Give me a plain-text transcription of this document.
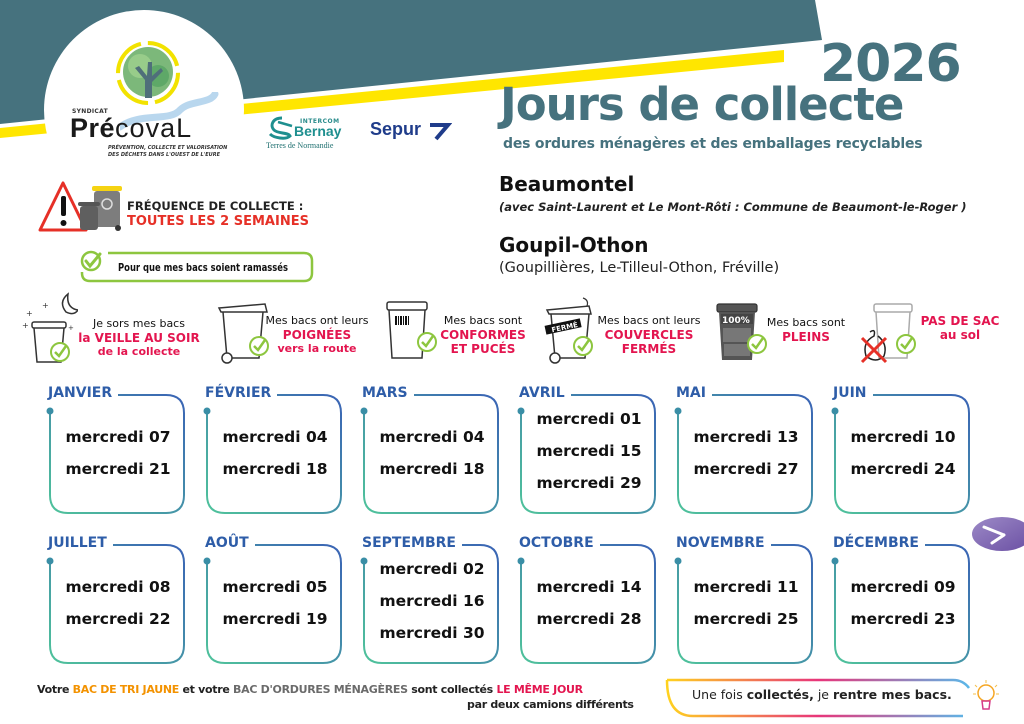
SYNDICAT
PrécovaL
PRÉVENTION, COLLECTE ET VALORISATION
DES DÉCHETS DANS L'OUEST DE L'EURE
INTERCOM
Bernay
Terres de Normandie
Sepur
2026
Jours de collecte
des ordures ménagères et des emballages recyclables
Beaumontel
(avec Saint-Laurent et Le Mont-Rôti : Commune de Beaumont-le-Roger )
Goupil-Othon
(Goupillières, Le-Tilleul-Othon, Fréville)
FRÉQUENCE DE COLLECTE :
TOUTES LES 2 SEMAINES
Pour que mes bacs soient ramassés
+
+
+	+	Je sors mes bacs
la VEILLE AU SOIR
de la collecte
Mes bacs ont leurs
POIGNÉES
vers la route
Mes bacs sont
CONFORMES
ET PUCÉS
FERMÉ
Mes bacs ont leurs
COUVERCLES
FERMÉS
100%	Mes bacs sont
PLEINS
PAS DE SAC
au sol
JANVIER
mercredi 07
mercredi 21
FÉVRIER
mercredi 04
mercredi 18
MARS
mercredi 04
mercredi 18
AVRIL
mercredi 01
mercredi 15
mercredi 29
MAI
mercredi 13
mercredi 27
JUIN
mercredi 10
mercredi 24
JUILLET
mercredi 08
mercredi 22
AOÛT
mercredi 05
mercredi 19
SEPTEMBRE
mercredi 02
mercredi 16
mercredi 30
OCTOBRE
mercredi 14
mercredi 28
NOVEMBRE
mercredi 11
mercredi 25
DÉCEMBRE
mercredi 09
mercredi 23
Votre BAC DE TRI JAUNE et votre BAC D'ORDURES MÉNAGÈRES sont collectés LE MÊME JOUR
par deux camions différents
Une fois collectés, je rentre mes bacs.
